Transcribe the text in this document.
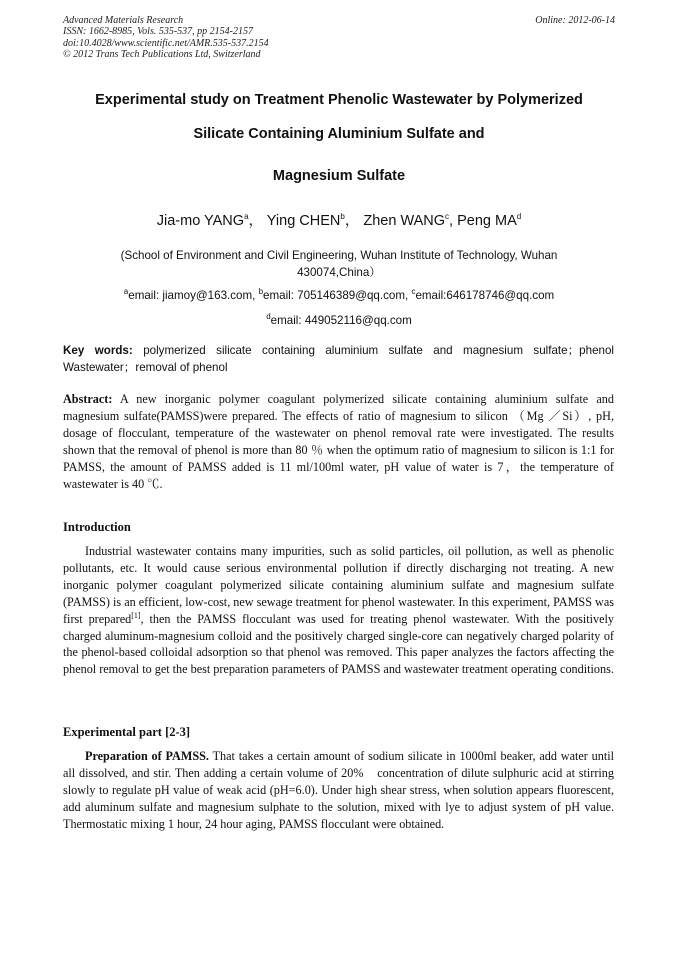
Advanced Materials Research
ISSN: 1662-8985, Vols. 535-537, pp 2154-2157
doi:10.4028/www.scientific.net/AMR.535-537.2154
© 2012 Trans Tech Publications Ltd, Switzerland
Online: 2012-06-14
Experimental study on Treatment Phenolic Wastewater by Polymerized
Silicate Containing Aluminium Sulfate and
Magnesium Sulfate
Jia-mo YANG$^a$， Ying CHEN$^b$， Zhen WANG$^c$, Peng $MA^d$
(School of Environment and Civil Engineering, Wuhan Institute of Technology, Wuhan 430074,China）
$^a$email: jiamoy@163.com, $^b$email: 705146389@qq.com, $^c$email:646178746@qq.com
$^d$email: 449052116@qq.com
Key words: polymerized silicate containing aluminium sulfate and magnesium sulfate；phenol Wastewater；removal of phenol

Abstract: A new inorganic polymer coagulant polymerized silicate containing aluminium sulfate and magnesium sulfate(PAMSS)were prepared. The effects of ratio of magnesium to silicon （Mg ／Si）, pH, dosage of flocculant, temperature of the wastewater on phenol removal rate were investigated. The results shown that the removal of phenol is more than 80 ％ when the optimum ratio of magnesium to silicon is 1:1 for PAMSS, the amount of PAMSS added is 11 ml/100ml water, pH value of water is 7，the temperature of wastewater is 40 ℃.

Introduction

Industrial wastewater contains many impurities, such as solid particles, oil pollution, as well as phenolic pollutants, etc. It would cause serious environmental pollution if directly discharging not treating. A new inorganic polymer coagulant polymerized silicate containing aluminium sulfate and magnesium sulfate (PAMSS) is an efficient, low-cost, new sewage treatment for phenol wastewater. In this experiment, PAMSS was first prepared[1], then the PAMSS flocculant was used for treating phenol wastewater. With the positively charged aluminum-magnesium colloid and the positively charged single-core can negatively charged polarity of the phenol-based colloidal adsorption so that phenol was removed. This paper analyzes the factors affecting the phenol removal to get the best preparation parameters of PAMSS and wastewater treatment operating conditions.

Experimental part [2-3]

Preparation of PAMSS. That takes a certain amount of sodium silicate in 1000ml beaker, add water until all dissolved, and stir. Then adding a certain volume of 20%　concentration of dilute sulphuric acid at stirring slowly to regulate pH value of weak acid (pH=6.0). Under high shear stress, when solution appears fluorescent, add aluminum sulfate and magnesium sulphate to the solution, mixed with lye to adjust system of pH value. Thermostatic mixing 1 hour, 24 hour aging, PAMSS flocculant were obtained.
